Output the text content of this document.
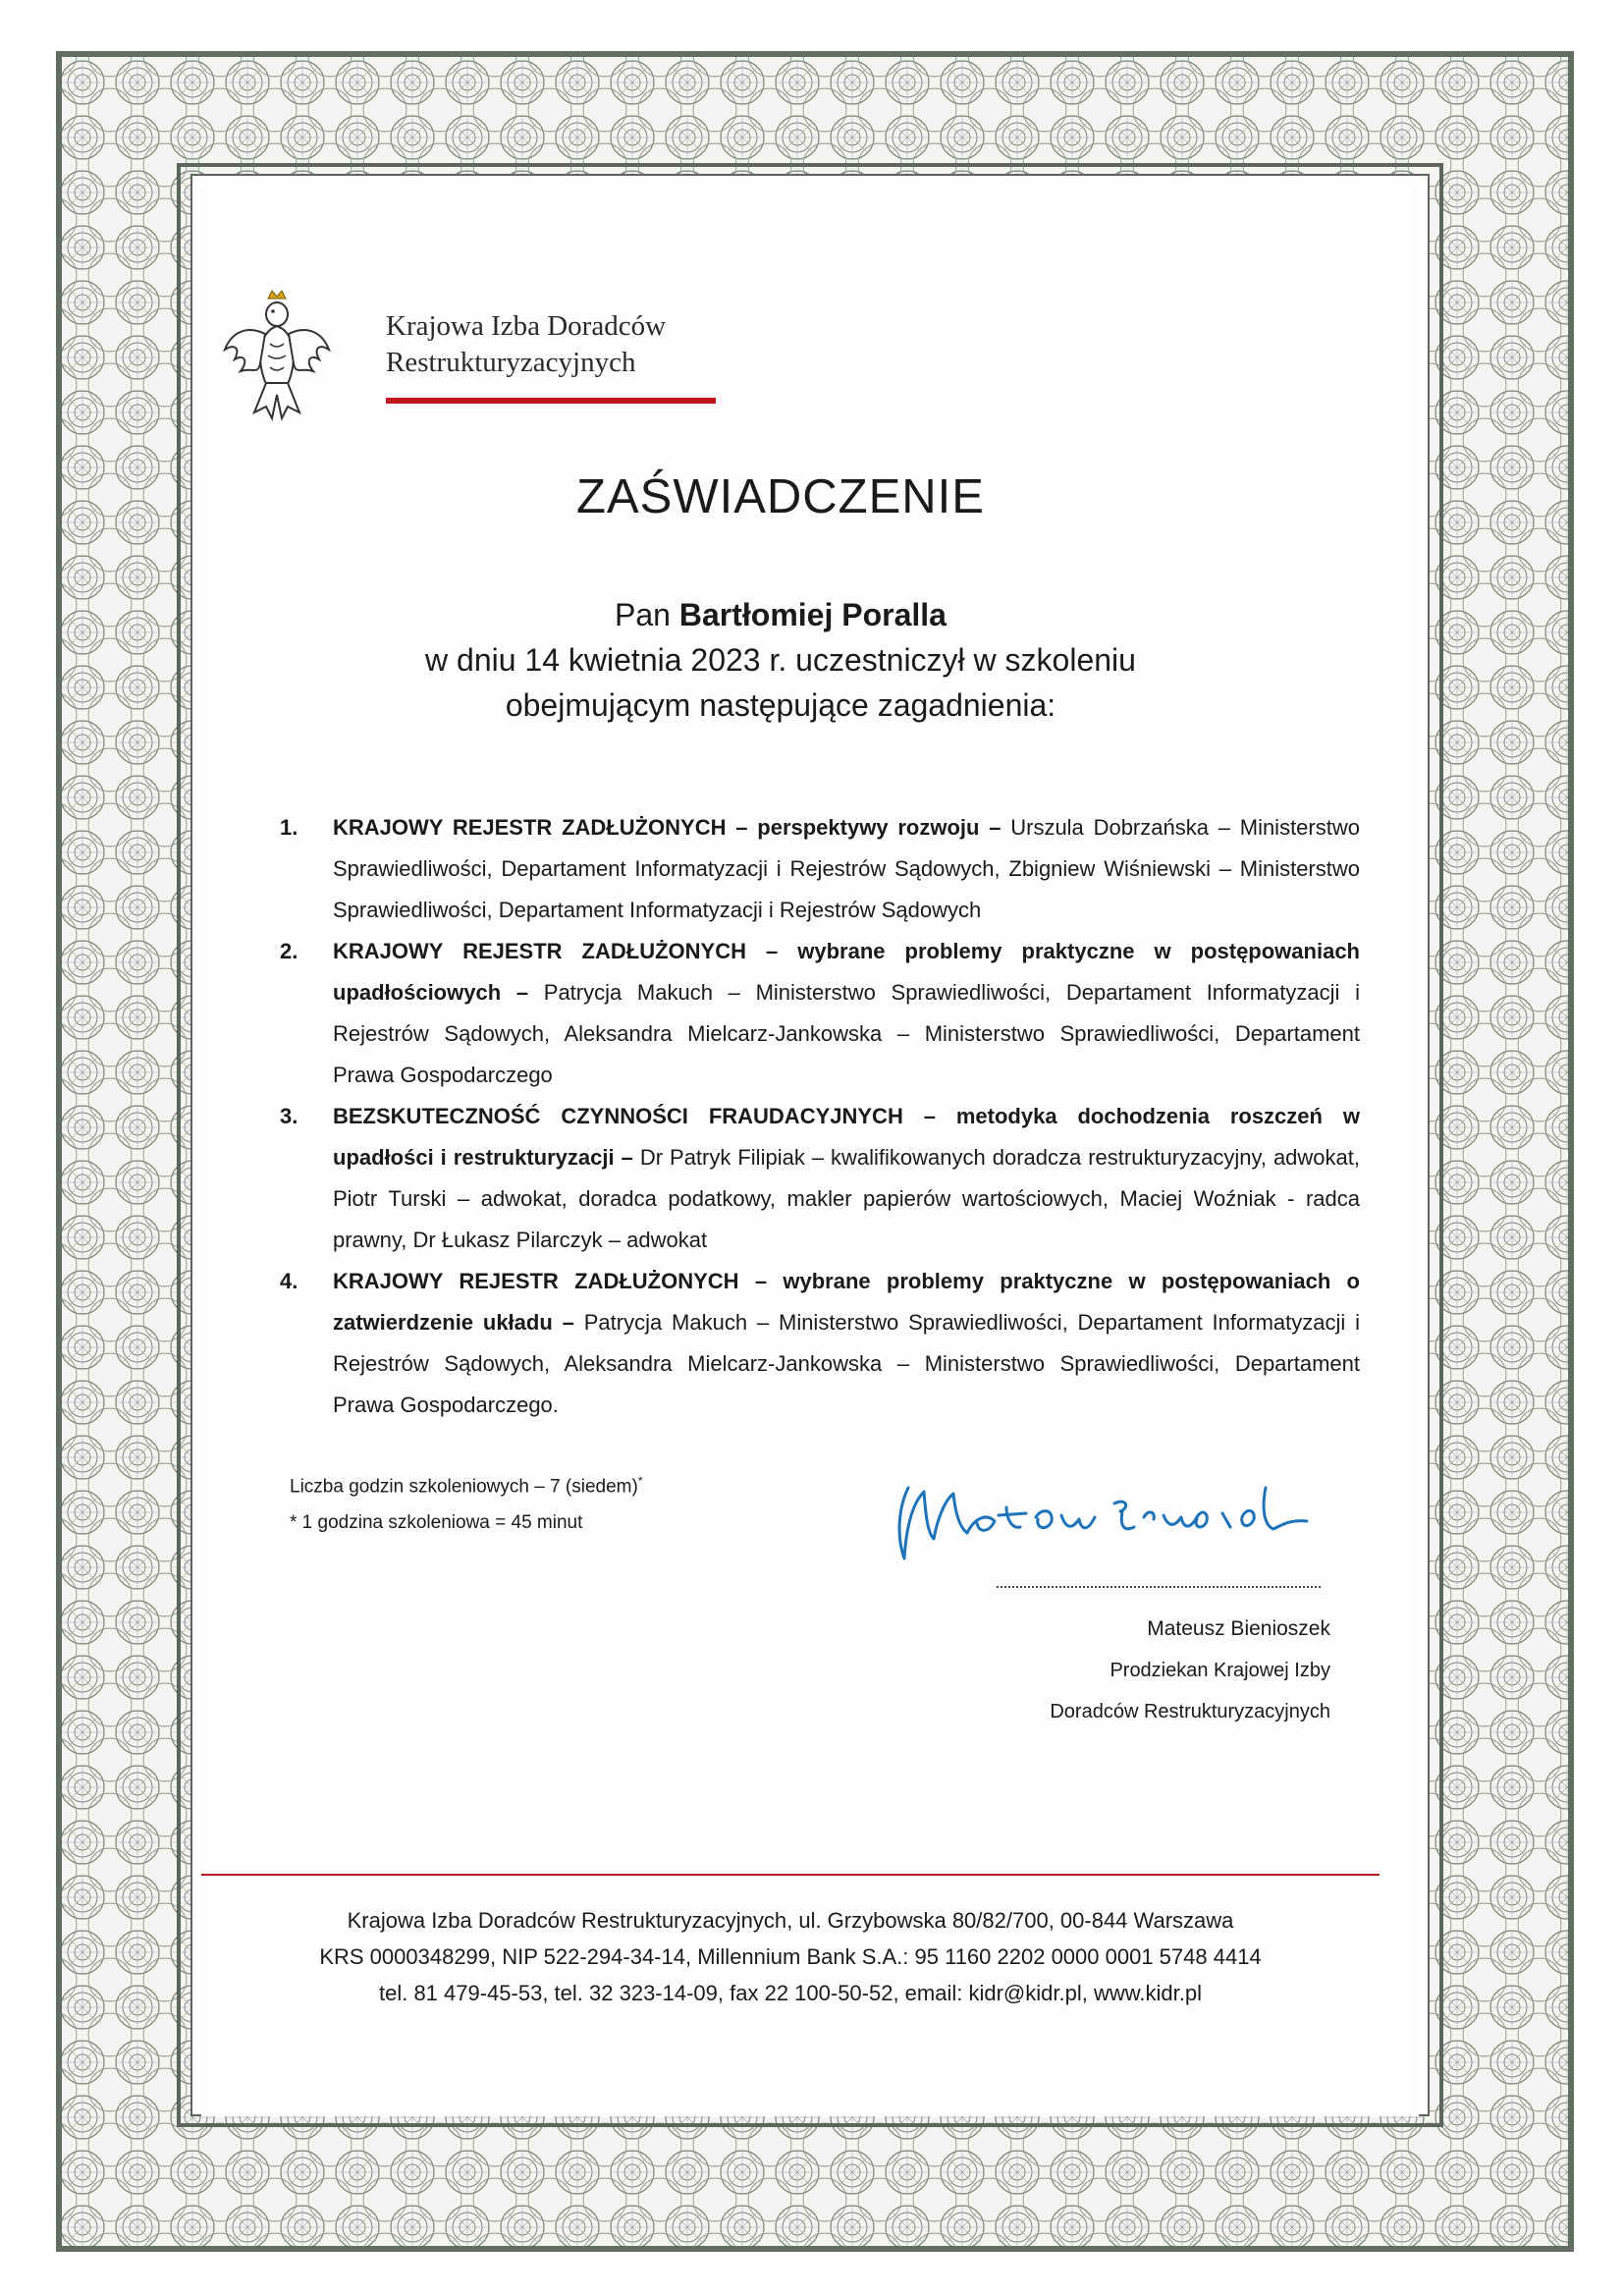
Krajowa Izba Doradców
Restrukturyzacyjnych
ZAŚWIADCZENIE
Pan Bartłomiej Poralla
w dniu 14 kwietnia 2023 r. uczestniczył w szkoleniu
obejmującym następujące zagadnienia:
1. KRAJOWY REJESTR ZADŁUŻONYCH – perspektywy rozwoju – Urszula Dobrzańska – Ministerstwo Sprawiedliwości, Departament Informatyzacji i Rejestrów Sądowych, Zbigniew Wiśniewski – Ministerstwo Sprawiedliwości, Departament Informatyzacji i Rejestrów Sądowych
2. KRAJOWY REJESTR ZADŁUŻONYCH – wybrane problemy praktyczne w postępowaniach upadłościowych – Patrycja Makuch – Ministerstwo Sprawiedliwości, Departament Informatyzacji i Rejestrów Sądowych, Aleksandra Mielcarz-Jankowska – Ministerstwo Sprawiedliwości, Departament Prawa Gospodarczego
3. BEZSKUTECZNOŚĆ CZYNNOŚCI FRAUDACYJNYCH – metodyka dochodzenia roszczeń w upadłości i restrukturyzacji – Dr Patryk Filipiak – kwalifikowanych doradcza restrukturyzacyjny, adwokat, Piotr Turski – adwokat, doradca podatkowy, makler papierów wartościowych, Maciej Woźniak - radca prawny, Dr Łukasz Pilarczyk – adwokat
4. KRAJOWY REJESTR ZADŁUŻONYCH – wybrane problemy praktyczne w postępowaniach o zatwierdzenie układu – Patrycja Makuch – Ministerstwo Sprawiedliwości, Departament Informatyzacji i Rejestrów Sądowych, Aleksandra Mielcarz-Jankowska – Ministerstwo Sprawiedliwości, Departament Prawa Gospodarczego.
Liczba godzin szkoleniowych – 7 (siedem)*
* 1 godzina szkoleniowa = 45 minut
Mateusz Bienioszek
Prodziekan Krajowej Izby
Doradców Restrukturyzacyjnych
Krajowa Izba Doradców Restrukturyzacyjnych, ul. Grzybowska 80/82/700, 00-844 Warszawa
KRS 0000348299, NIP 522-294-34-14, Millennium Bank S.A.: 95 1160 2202 0000 0001 5748 4414
tel. 81 479-45-53, tel. 32 323-14-09, fax 22 100-50-52, email: kidr@kidr.pl, www.kidr.pl
